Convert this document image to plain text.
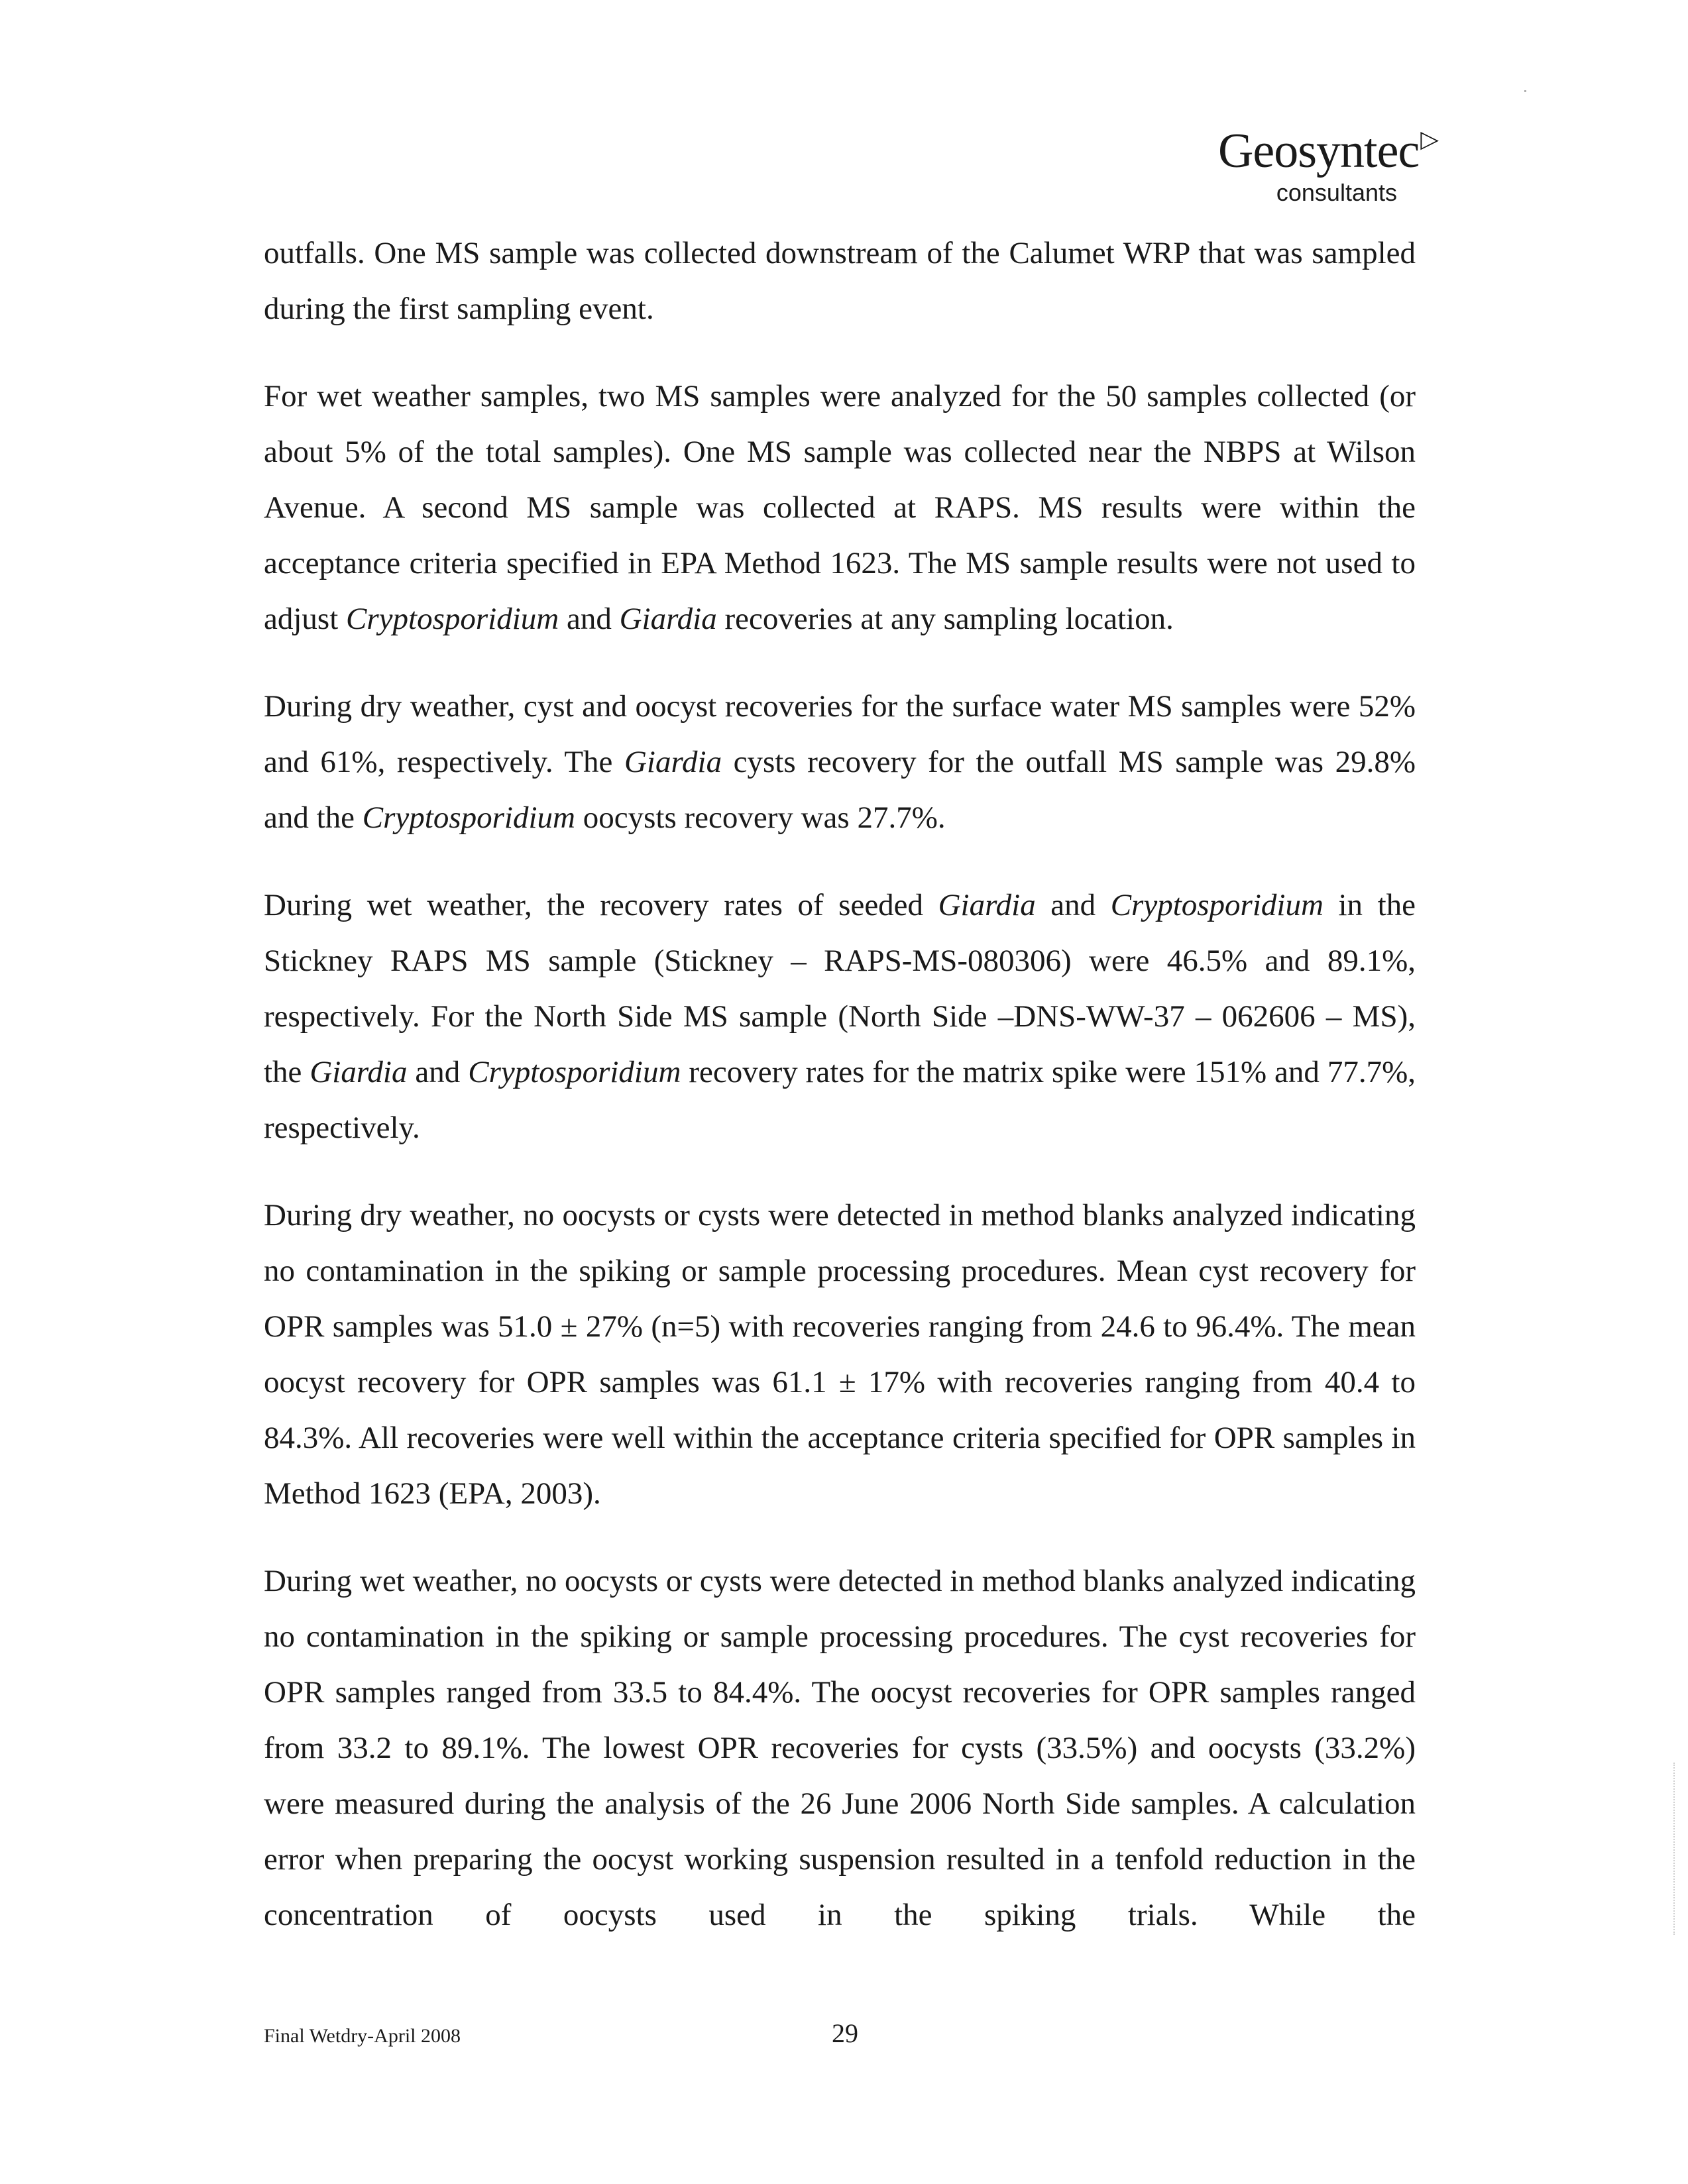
Geosyntec▷
consultants

outfalls. One MS sample was collected downstream of the Calumet WRP that was sampled during the first sampling event.

For wet weather samples, two MS samples were analyzed for the 50 samples collected (or about 5% of the total samples). One MS sample was collected near the NBPS at Wilson Avenue. A second MS sample was collected at RAPS. MS results were within the acceptance criteria specified in EPA Method 1623. The MS sample results were not used to adjust Cryptosporidium and Giardia recoveries at any sampling location.

During dry weather, cyst and oocyst recoveries for the surface water MS samples were 52% and 61%, respectively. The Giardia cysts recovery for the outfall MS sample was 29.8% and the Cryptosporidium oocysts recovery was 27.7%.

During wet weather, the recovery rates of seeded Giardia and Cryptosporidium in the Stickney RAPS MS sample (Stickney – RAPS-MS-080306) were 46.5% and 89.1%, respectively. For the North Side MS sample (North Side –DNS-WW-37 – 062606 – MS), the Giardia and Cryptosporidium recovery rates for the matrix spike were 151% and 77.7%, respectively.

During dry weather, no oocysts or cysts were detected in method blanks analyzed indicating no contamination in the spiking or sample processing procedures. Mean cyst recovery for OPR samples was 51.0 ± 27% (n=5) with recoveries ranging from 24.6 to 96.4%. The mean oocyst recovery for OPR samples was 61.1 ± 17% with recoveries ranging from 40.4 to 84.3%. All recoveries were well within the acceptance criteria specified for OPR samples in Method 1623 (EPA, 2003).

During wet weather, no oocysts or cysts were detected in method blanks analyzed indicating no contamination in the spiking or sample processing procedures. The cyst recoveries for OPR samples ranged from 33.5 to 84.4%. The oocyst recoveries for OPR samples ranged from 33.2 to 89.1%. The lowest OPR recoveries for cysts (33.5%) and oocysts (33.2%) were measured during the analysis of the 26 June 2006 North Side samples. A calculation error when preparing the oocyst working suspension resulted in a tenfold reduction in the concentration of oocysts used in the spiking trials. While the

Final Wetdry-April 2008	29
